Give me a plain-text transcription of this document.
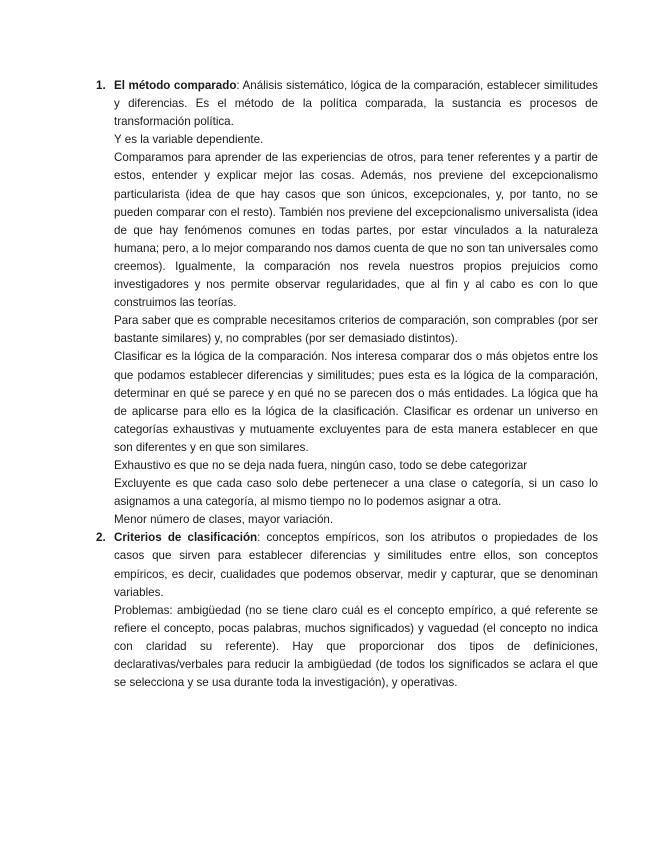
1. El método comparado: Análisis sistemático, lógica de la comparación, establecer similitudes y diferencias. Es el método de la política comparada, la sustancia es procesos de transformación política.

Y es la variable dependiente.

Comparamos para aprender de las experiencias de otros, para tener referentes y a partir de estos, entender y explicar mejor las cosas. Además, nos previene del excepcionalismo particularista (idea de que hay casos que son únicos, excepcionales, y, por tanto, no se pueden comparar con el resto). También nos previene del excepcionalismo universalista (idea de que hay fenómenos comunes en todas partes, por estar vinculados a la naturaleza humana; pero, a lo mejor comparando nos damos cuenta de que no son tan universales como creemos). Igualmente, la comparación nos revela nuestros propios prejuicios como investigadores y nos permite observar regularidades, que al fin y al cabo es con lo que construimos las teorías.

Para saber que es comprable necesitamos criterios de comparación, son comprables (por ser bastante similares) y, no comprables (por ser demasiado distintos).

Clasificar es la lógica de la comparación. Nos interesa comparar dos o más objetos entre los que podamos establecer diferencias y similitudes; pues esta es la lógica de la comparación, determinar en qué se parece y en qué no se parecen dos o más entidades. La lógica que ha de aplicarse para ello es la lógica de la clasificación. Clasificar es ordenar un universo en categorías exhaustivas y mutuamente excluyentes para de esta manera establecer en que son diferentes y en que son similares.

Exhaustivo es que no se deja nada fuera, ningún caso, todo se debe categorizar

Excluyente es que cada caso solo debe pertenecer a una clase o categoría, si un caso lo asignamos a una categoría, al mismo tiempo no lo podemos asignar a otra.

Menor número de clases, mayor variación.

2. Criterios de clasificación: conceptos empíricos, son los atributos o propiedades de los casos que sirven para establecer diferencias y similitudes entre ellos, son conceptos empíricos, es decir, cualidades que podemos observar, medir y capturar, que se denominan variables.

Problemas: ambigüedad (no se tiene claro cuál es el concepto empírico, a qué referente se refiere el concepto, pocas palabras, muchos significados) y vaguedad (el concepto no indica con claridad su referente). Hay que proporcionar dos tipos de definiciones, declarativas/verbales para reducir la ambigüedad (de todos los significados se aclara el que se selecciona y se usa durante toda la investigación), y operativas.
